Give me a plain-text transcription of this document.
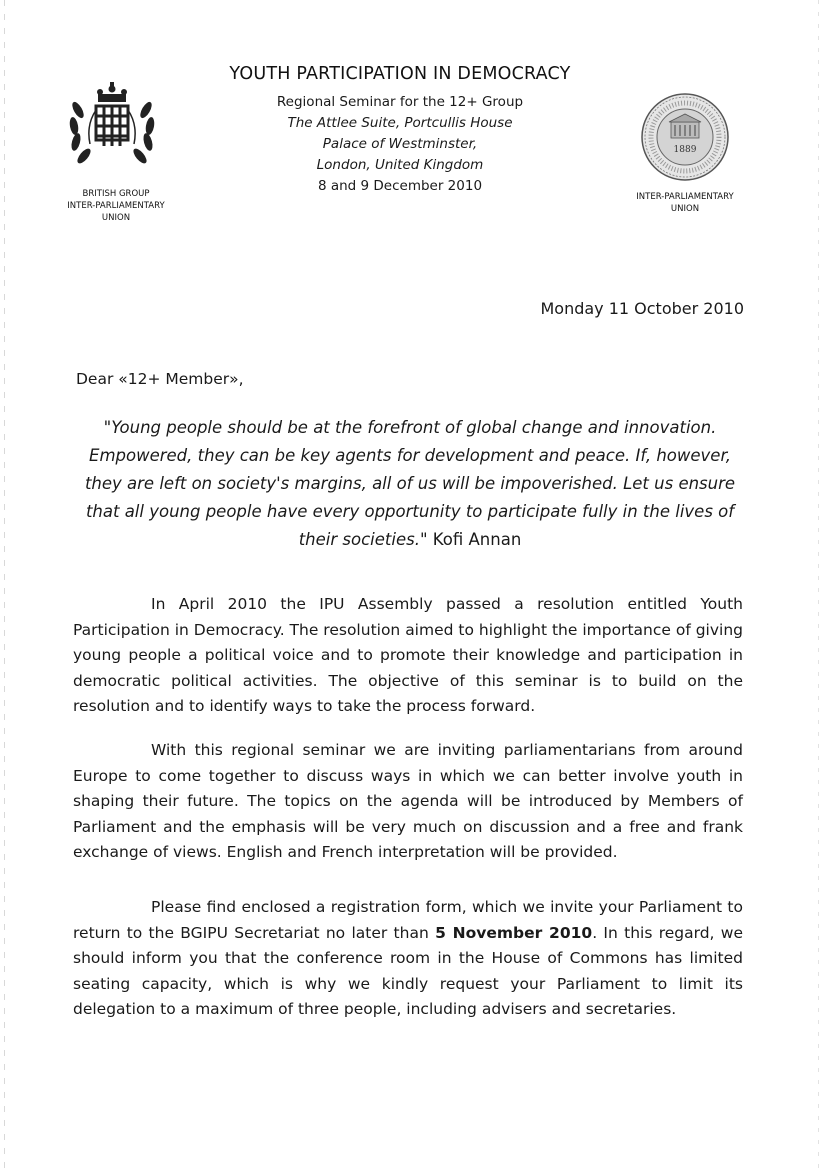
BRITISH GROUP
INTER-PARLIAMENTARY
UNION
1889
INTER-PARLIAMENTARY
UNION
YOUTH PARTICIPATION IN DEMOCRACY
Regional Seminar for the 12+ Group
The Attlee Suite, Portcullis House
Palace of Westminster,
London, United Kingdom
8 and 9 December 2010
Monday 11 October 2010
Dear «12+ Member»,
"Young people should be at the forefront of global change and innovation. Empowered, they can be key agents for development and peace. If, however, they are left on society's margins, all of us will be impoverished. Let us ensure that all young people have every opportunity to participate fully in the lives of their societies." Kofi Annan
In April 2010 the IPU Assembly passed a resolution entitled Youth Participation in Democracy. The resolution aimed to highlight the importance of giving young people a political voice and to promote their knowledge and participation in democratic political activities. The objective of this seminar is to build on the resolution and to identify ways to take the process forward.
With this regional seminar we are inviting parliamentarians from around Europe to come together to discuss ways in which we can better involve youth in shaping their future. The topics on the agenda will be introduced by Members of Parliament and the emphasis will be very much on discussion and a free and frank exchange of views. English and French interpretation will be provided.
Please find enclosed a registration form, which we invite your Parliament to return to the BGIPU Secretariat no later than 5 November 2010. In this regard, we should inform you that the conference room in the House of Commons has limited seating capacity, which is why we kindly request your Parliament to limit its delegation to a maximum of three people, including advisers and secretaries.
